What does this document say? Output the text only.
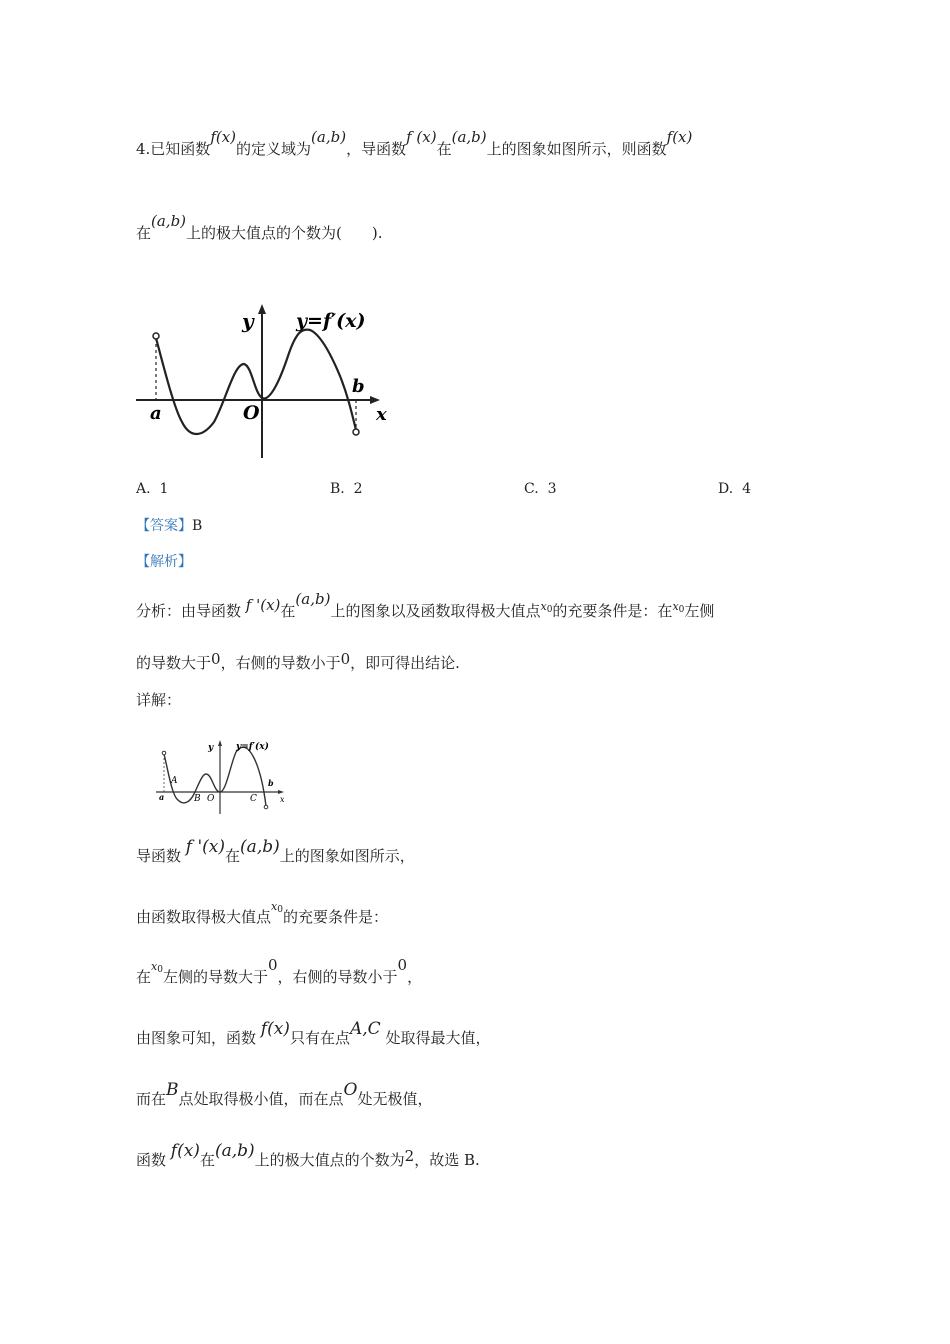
4.已知函数f(x)的定义域为(a,b)，导函数f (x)在(a,b)上的图象如图所示，则函数f(x)
在(a,b)上的极大值点的个数为(　　).
y y=f′(x)
b
a	O	x
A. 1	B. 2	C. 3	D. 4
【答案】B
【解析】
分析：由导函数 f '(x)在(a,b)上的图象以及函数取得极大值点$^{x0}$的充要条件是：在$^{x0}$左侧
的导数大于0，右侧的导数小于0，即可得出结论.
详解：
y	y=f′(x)
a
A
B O	C
b
x
导函数 f '(x)在(a,b)上的图象如图所示，
由函数取得极大值点$^{x0}$的充要条件是：
在$^{x0}$左侧的导数大于0，右侧的导数小于0，
由图象可知，函数 f(x)只有在点A,C 处取得最大值，
而在B点处取得极小值，而在点O处无极值，
函数 f(x)在(a,b)上的极大值点的个数为2，故选 B.
